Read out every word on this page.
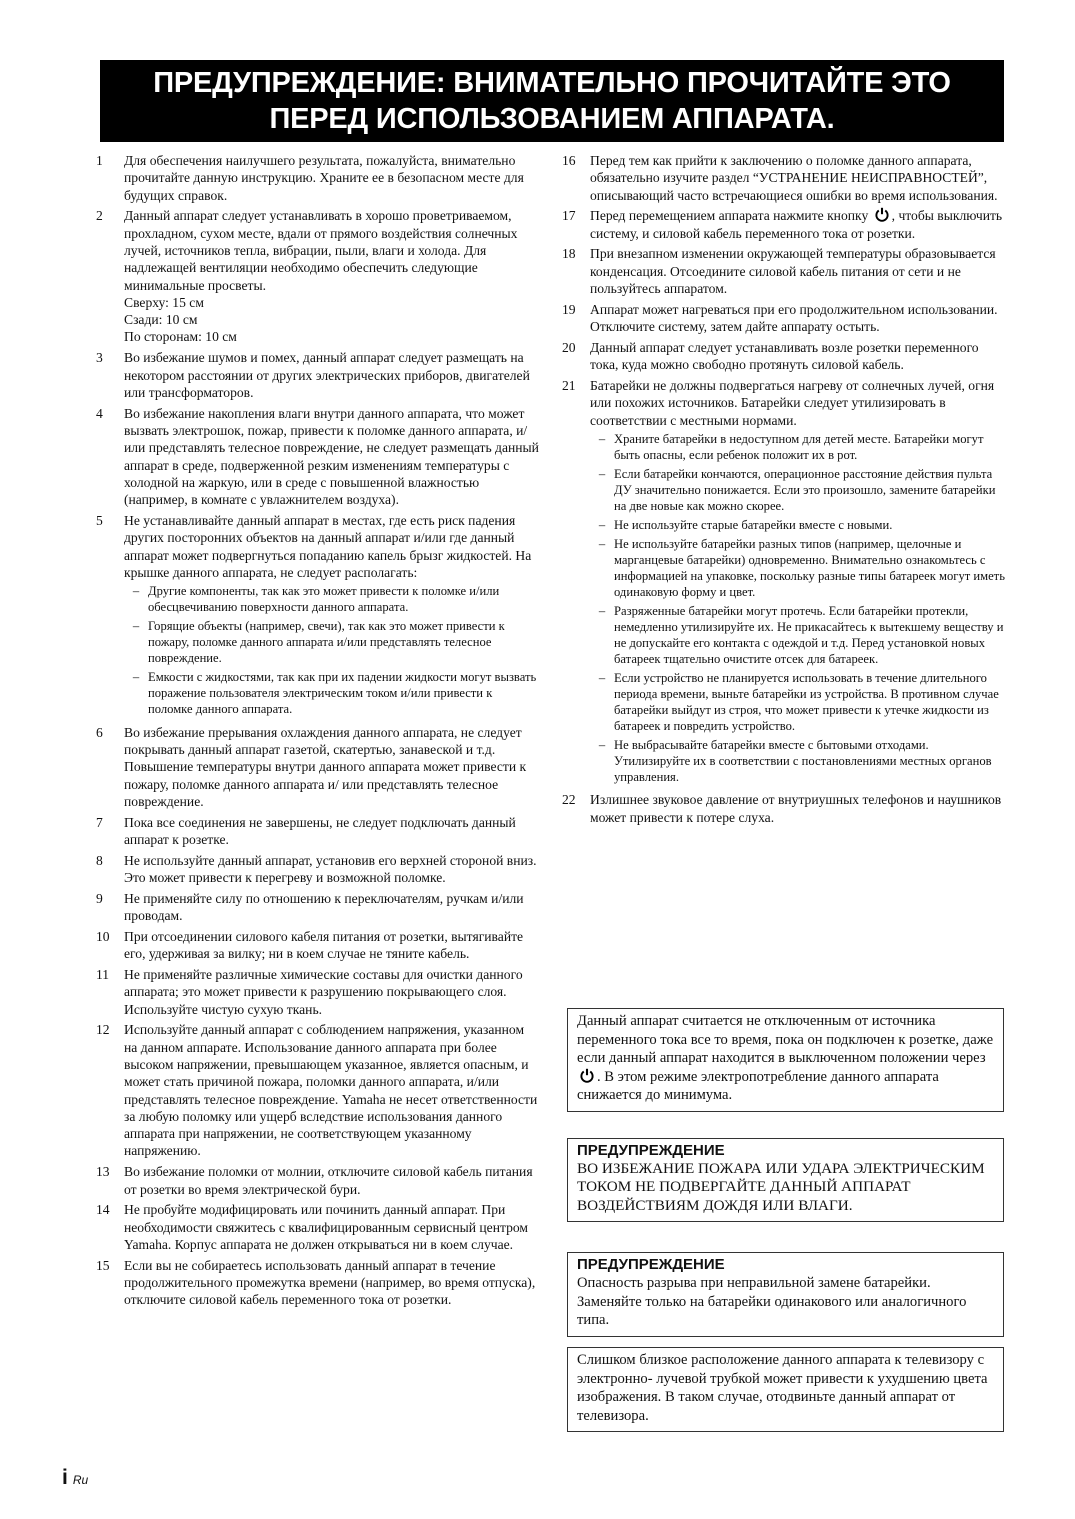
ПРЕДУПРЕЖДЕНИЕ: ВНИМАТЕЛЬНО ПРОЧИТАЙТЕ ЭТО
ПЕРЕД ИСПОЛЬЗОВАНИЕМ АППАРАТА.
1	Для обеспечения наилучшего результата, пожалуйста, внимательно прочитайте данную инструкцию. Храните ее в безопасном месте для будущих справок.

2	Данный аппарат следует устанавливать в хорошо проветриваемом, прохладном, сухом месте, вдали от прямого воздействия солнечных лучей, источников тепла, вибрации, пыли, влаги и холода. Для надлежащей вентиляции необходимо обеспечить следующие минимальные просветы.

Сверху: 15 см

Сзади: 10 см

По сторонам: 10 см

3	Во избежание шумов и помех, данный аппарат следует размещать на некотором расстоянии от других электрических приборов, двигателей или трансформаторов.

4	Во избежание накопления влаги внутри данного аппарата, что может вызвать электрошок, пожар, привести к поломке данного аппарата, и/ или представлять телесное повреждение, не следует размещать данный аппарат в среде, подверженной резким изменениям температуры с холодной на жаркую, или в среде с повышенной влажностью (например, в комнате с увлажнителем воздуха).

5	Не устанавливайте данный аппарат в местах, где есть риск падения других посторонних объектов на данный аппарат и/или где данный аппарат может подвергнуться попаданию капель брызг жидкостей. На крышке данного аппарата, не следует располагать:

– Другие компоненты, так как это может привести к поломке и/или обесцвечиванию поверхности данного аппарата.
– Горящие объекты (например, свечи), так как это может привести к пожару, поломке данного аппарата и/или представлять телесное повреждение.
– Емкости с жидкостями, так как при их падении жидкости могут вызвать поражение пользователя электрическим током и/или привести к поломке данного аппарата.
6	Во избежание прерывания охлаждения данного аппарата, не следует покрывать данный аппарат газетой, скатертью, занавеской и т.д. Повышение температуры внутри данного аппарата может привести к пожару, поломке данного аппарата и/ или представлять телесное повреждение.

7	Пока все соединения не завершены, не следует подключать данный аппарат к розетке.

8	Не используйте данный аппарат, установив его верхней стороной вниз. Это может привести к перегреву и возможной поломке.

9	Не применяйте силу по отношению к переключателям, ручкам и/или проводам.

10	При отсоединении силового кабеля питания от розетки, вытягивайте его, удерживая за вилку; ни в коем случае не тяните кабель.

11	Не применяйте различные химические составы для очистки данного аппарата; это может привести к разрушению покрывающего слоя. Используйте чистую сухую ткань.

12	Используйте данный аппарат с соблюдением напряжения, указанном на данном аппарате. Использование данного аппарата при более высоком напряжении, превышающем указанное, является опасным, и может стать причиной пожара, поломки данного аппарата, и/или представлять телесное повреждение. Yamaha не несет ответственности за любую поломку или ущерб вследствие использования данного аппарата при напряжении, не соответствующем указанному напряжению.

13	Во избежание поломки от молнии, отключите силовой кабель питания от розетки во время электрической бури.

14	Не пробуйте модифицировать или починить данный аппарат. При необходимости свяжитесь с квалифицированным сервисный центром Yamaha. Корпус аппарата не должен открываться ни в коем случае.

15	Если вы не собираетесь использовать данный аппарат в течение продолжительного промежутка времени (например, во время отпуска), отключите силовой кабель переменного тока от розетки.

16	Перед тем как прийти к заключению о поломке данного аппарата, обязательно изучите раздел “УСТРАНЕНИЕ НЕИСПРАВНОСТЕЙ”, описывающий часто встречающиеся ошибки во время использования.

17	Перед перемещением аппарата нажмите кнопку , чтобы выключить систему, и силовой кабель переменного тока от розетки.

18	При внезапном изменении окружающей температуры образовывается конденсация. Отсоедините силовой кабель питания от сети и не пользуйтесь аппаратом.

19	Аппарат может нагреваться при его продолжительном использовании. Отключите систему, затем дайте аппарату остыть.

20	Данный аппарат следует устанавливать возле розетки переменного тока, куда можно свободно протянуть силовой кабель.

21	Батарейки не должны подвергаться нагреву от солнечных лучей, огня или похожих источников. Батарейки следует утилизировать в соответствии с местными нормами.

– Храните батарейки в недоступном для детей месте. Батарейки могут быть опасны, если ребенок положит их в рот.
– Если батарейки кончаются, операционное расстояние действия пульта ДУ значительно понижается. Если это произошло, замените батарейки на две новые как можно скорее.
– Не используйте старые батарейки вместе с новыми.
– Не используйте батарейки разных типов (например, щелочные и марганцевые батарейки) одновременно. Внимательно ознакомьтесь с информацией на упаковке, поскольку разные типы батареек могут иметь одинаковую форму и цвет.
– Разряженные батарейки могут протечь. Если батарейки протекли, немедленно утилизируйте их. Не прикасайтесь к вытекшему веществу и не допускайте его контакта с одеждой и т.д. Перед установкой новых батареек тщательно очистите отсек для батареек.
– Если устройство не планируется использовать в течение длительного периода времени, выньте батарейки из устройства. В противном случае батарейки выйдут из строя, что может привести к утечке жидкости из батареек и повредить устройство.
– Не выбрасывайте батарейки вместе с бытовыми отходами. Утилизируйте их в соответствии с постановлениями местных органов управления.
22	Излишнее звуковое давление от внутриушных телефонов и наушников может привести к потере слуха.

Данный аппарат считается не отключенным от источника переменного тока все то время, пока он подключен к розетке, даже если данный аппарат находится в выключенном положении через . В этом режиме электропотребление данного аппарата снижается до минимума.
ПРЕДУПРЕЖДЕНИЕ
ВО ИЗБЕЖАНИЕ ПОЖАРА ИЛИ УДАРА ЭЛЕКТРИЧЕСКИМ ТОКОМ НЕ ПОДВЕРГАЙТЕ ДАННЫЙ АППАРАТ ВОЗДЕЙСТВИЯМ ДОЖДЯ ИЛИ ВЛАГИ.
ПРЕДУПРЕЖДЕНИЕ
Опасность разрыва при неправильной замене батарейки. Заменяйте только на батарейки одинакового или аналогичного типа.
Слишком близкое расположение данного аппарата к телевизору с электронно- лучевой трубкой может привести к ухудшению цвета изображения. В таком случае, отодвиньте данный аппарат от телевизора.
i Ru
